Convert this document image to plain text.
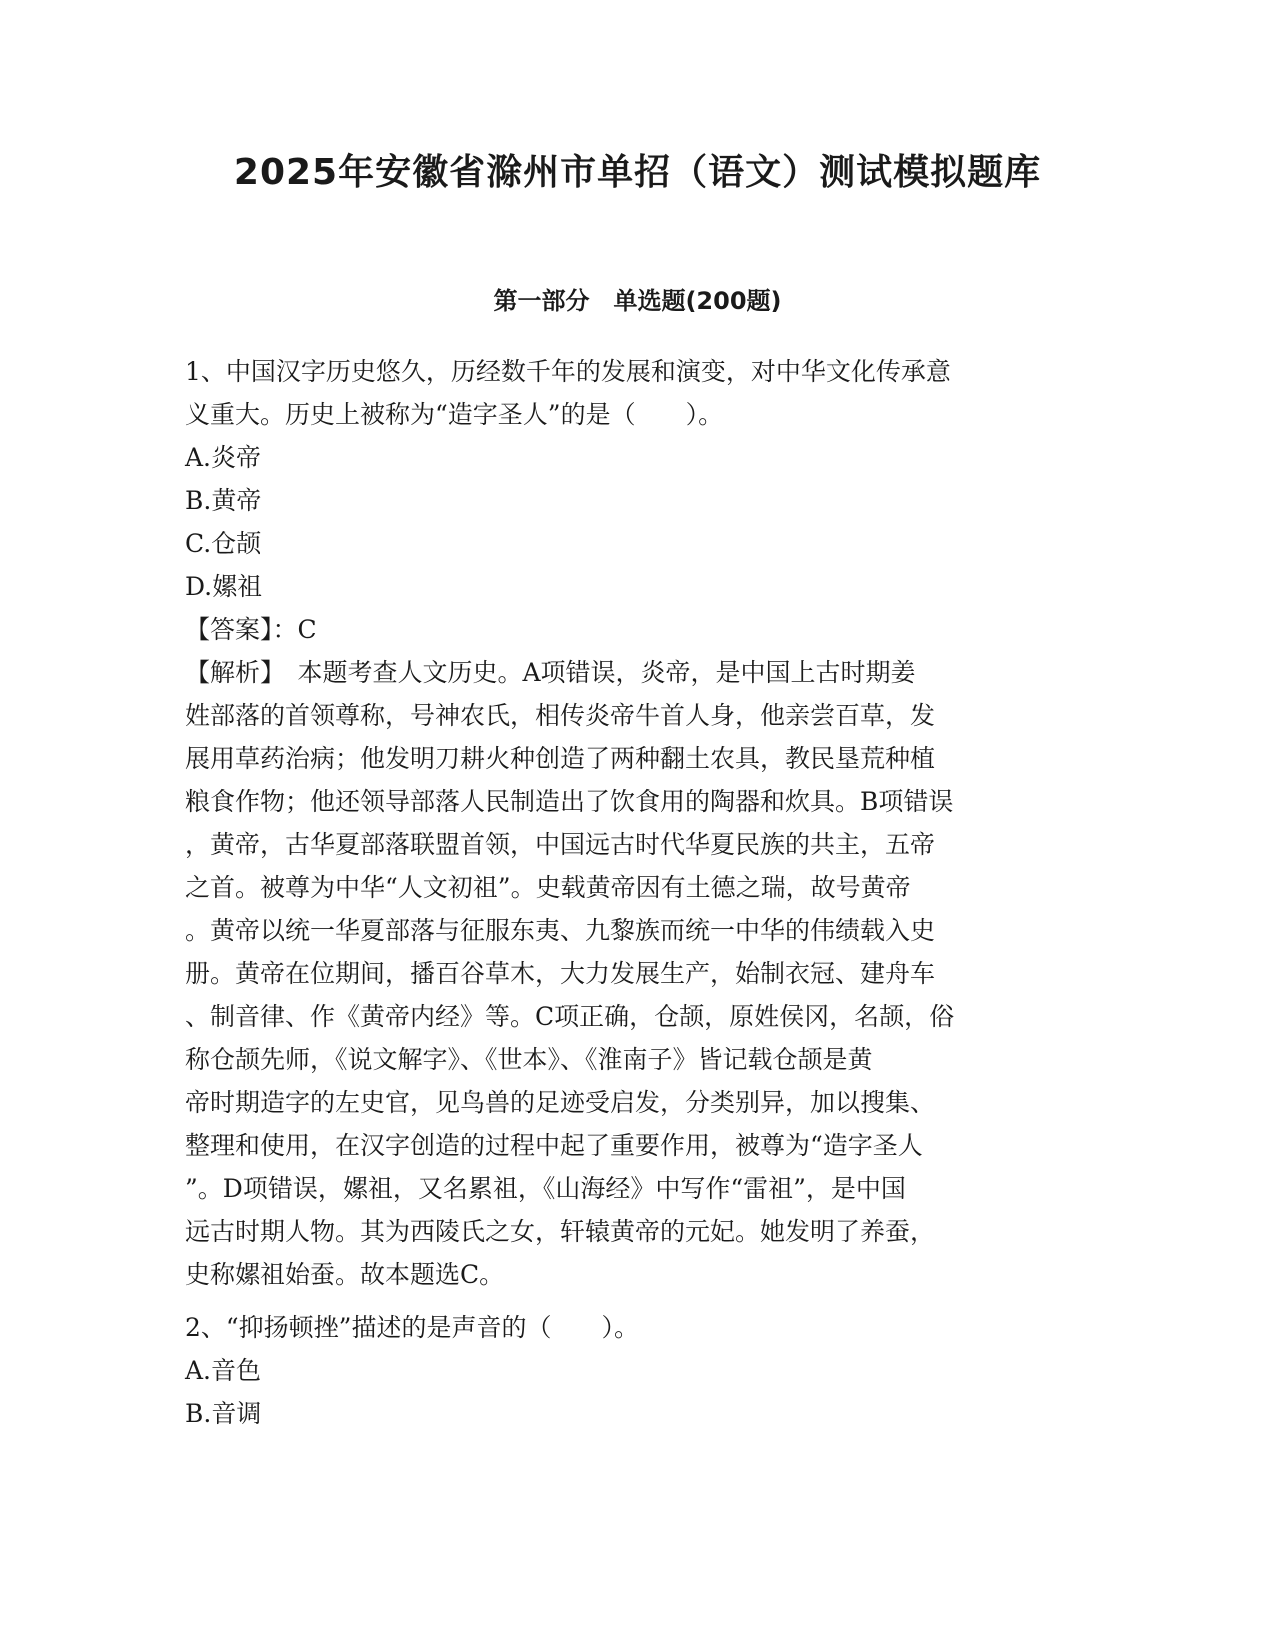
2025年安徽省滁州市单招（语文）测试模拟题库
第一部分　单选题(200题)
1、中国汉字历史悠久，历经数千年的发展和演变，对中华文化传承意
义重大。历史上被称为“造字圣人”的是（　　）。
A.炎帝
B.黄帝
C.仓颉
D.嫘祖
【答案】：C
【解析】　本题考查人文历史。A项错误，炎帝，是中国上古时期姜
姓部落的首领尊称，号神农氏，相传炎帝牛首人身，他亲尝百草，发
展用草药治病；他发明刀耕火种创造了两种翻土农具，教民垦荒种植
粮食作物；他还领导部落人民制造出了饮食用的陶器和炊具。B项错误
，黄帝，古华夏部落联盟首领，中国远古时代华夏民族的共主，五帝
之首。被尊为中华“人文初祖”。史载黄帝因有土德之瑞，故号黄帝
。黄帝以统一华夏部落与征服东夷、九黎族而统一中华的伟绩载入史
册。黄帝在位期间，播百谷草木，大力发展生产，始制衣冠、建舟车
、制音律、作《黄帝内经》等。C项正确，仓颉，原姓侯冈，名颉，俗
称仓颉先师，《说文解字》、《世本》、《淮南子》皆记载仓颉是黄
帝时期造字的左史官，见鸟兽的足迹受启发，分类别异，加以搜集、
整理和使用，在汉字创造的过程中起了重要作用，被尊为“造字圣人
”。D项错误，嫘祖，又名累祖，《山海经》中写作“雷祖”，是中国
远古时期人物。其为西陵氏之女，轩辕黄帝的元妃。她发明了养蚕，
史称嫘祖始蚕。故本题选C。
2、“抑扬顿挫”描述的是声音的（　　）。
A.音色
B.音调
